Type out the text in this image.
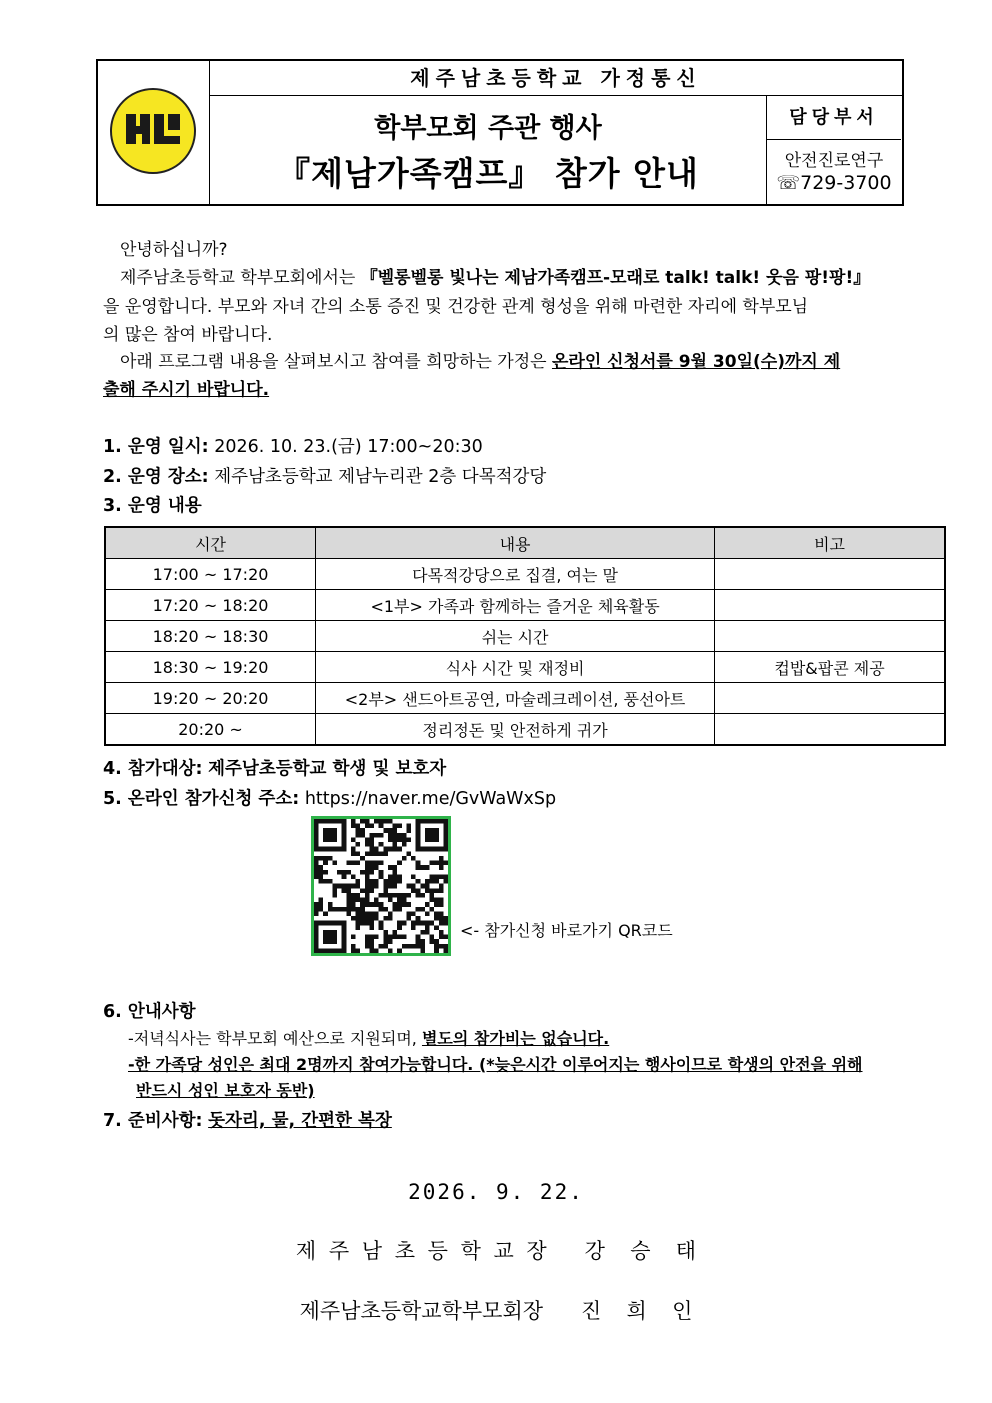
제주남초등학교 가정통신
학부모회 주관 행사
『제남가족캠프』 참가 안내
담당부서
안전진로연구
☏729-3700
안녕하십니까?
제주남초등학교 학부모회에서는 『벨롱벨롱 빛나는 제남가족캠프-모래로 talk! talk! 웃음 팡!팡!』
을 운영합니다. 부모와 자녀 간의 소통 증진 및 건강한 관계 형성을 위해 마련한 자리에 학부모님
의 많은 참여 바랍니다.
아래 프로그램 내용을 살펴보시고 참여를 희망하는 가정은 온라인 신청서를 9월 30일(수)까지 제
출해 주시기 바랍니다.
1. 운영 일시: 2026. 10. 23.(금) 17:00~20:30
2. 운영 장소: 제주남초등학교 제남누리관 2층 다목적강당
3. 운영 내용
시간	내용	비고
17:00 ~ 17:20	다목적강당으로 집결, 여는 말	
17:20 ~ 18:20	<1부> 가족과 함께하는 즐거운 체육활동	
18:20 ~ 18:30	쉬는 시간	
18:30 ~ 19:20	식사 시간 및 재정비	컵밥&팝콘 제공
19:20 ~ 20:20	<2부> 샌드아트공연, 마술레크레이션, 풍선아트	
20:20 ~	정리정돈 및 안전하게 귀가	
4. 참가대상: 제주남초등학교 학생 및 보호자
5. 온라인 참가신청 주소: https://naver.me/GvWaWxSp
<- 참가신청 바로가기 QR코드
6. 안내사항
-저녁식사는 학부모회 예산으로 지원되며, 별도의 참가비는 없습니다.
-한 가족당 성인은 최대 2명까지 참여가능합니다. (*늦은시간 이루어지는 행사이므로 학생의 안전을 위해
반드시 성인 보호자 동반)
7. 준비사항: 돗자리, 물, 간편한 복장
2026. 9. 22.
제 주 남 초 등 학 교 장   강  승  태
제주남초등학교학부모회장   진  희  인
